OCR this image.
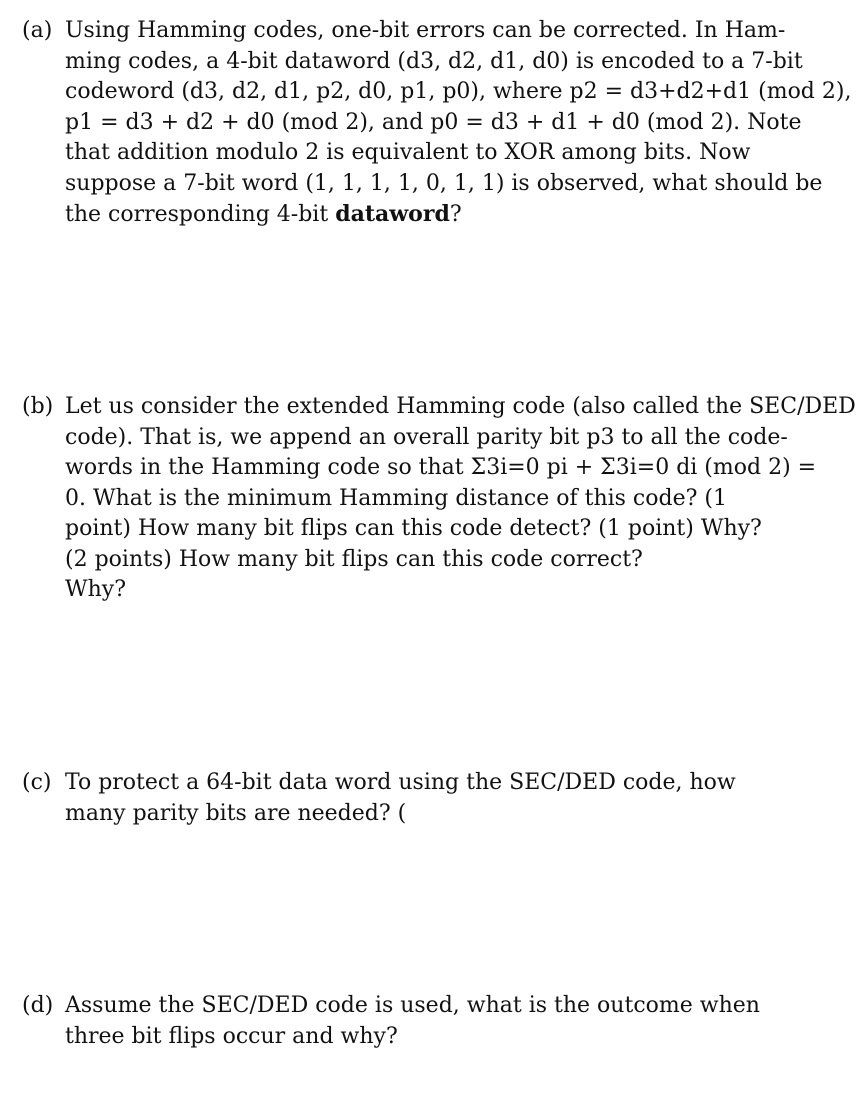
(a) Using Hamming codes, one-bit errors can be corrected. In Ham-
ming codes, a 4-bit dataword (d3, d2, d1, d0) is encoded to a 7-bit
codeword (d3, d2, d1, p2, d0, p1, p0), where p2 = d3+d2+d1 (mod 2),
p1 = d3 + d2 + d0 (mod 2), and p0 = d3 + d1 + d0 (mod 2). Note
that addition modulo 2 is equivalent to XOR among bits. Now
suppose a 7-bit word (1, 1, 1, 1, 0, 1, 1) is observed, what should be
the corresponding 4-bit dataword?
(b) Let us consider the extended Hamming code (also called the SEC/DED
code). That is, we append an overall parity bit p3 to all the code-
words in the Hamming code so that Σ3i=0 pi + Σ3i=0 di (mod 2) =
0. What is the minimum Hamming distance of this code? (1
point) How many bit flips can this code detect? (1 point) Why?
(2 points) How many bit flips can this code correct?
Why?
(c) To protect a 64-bit data word using the SEC/DED code, how
many parity bits are needed? (
(d) Assume the SEC/DED code is used, what is the outcome when
three bit flips occur and why?
